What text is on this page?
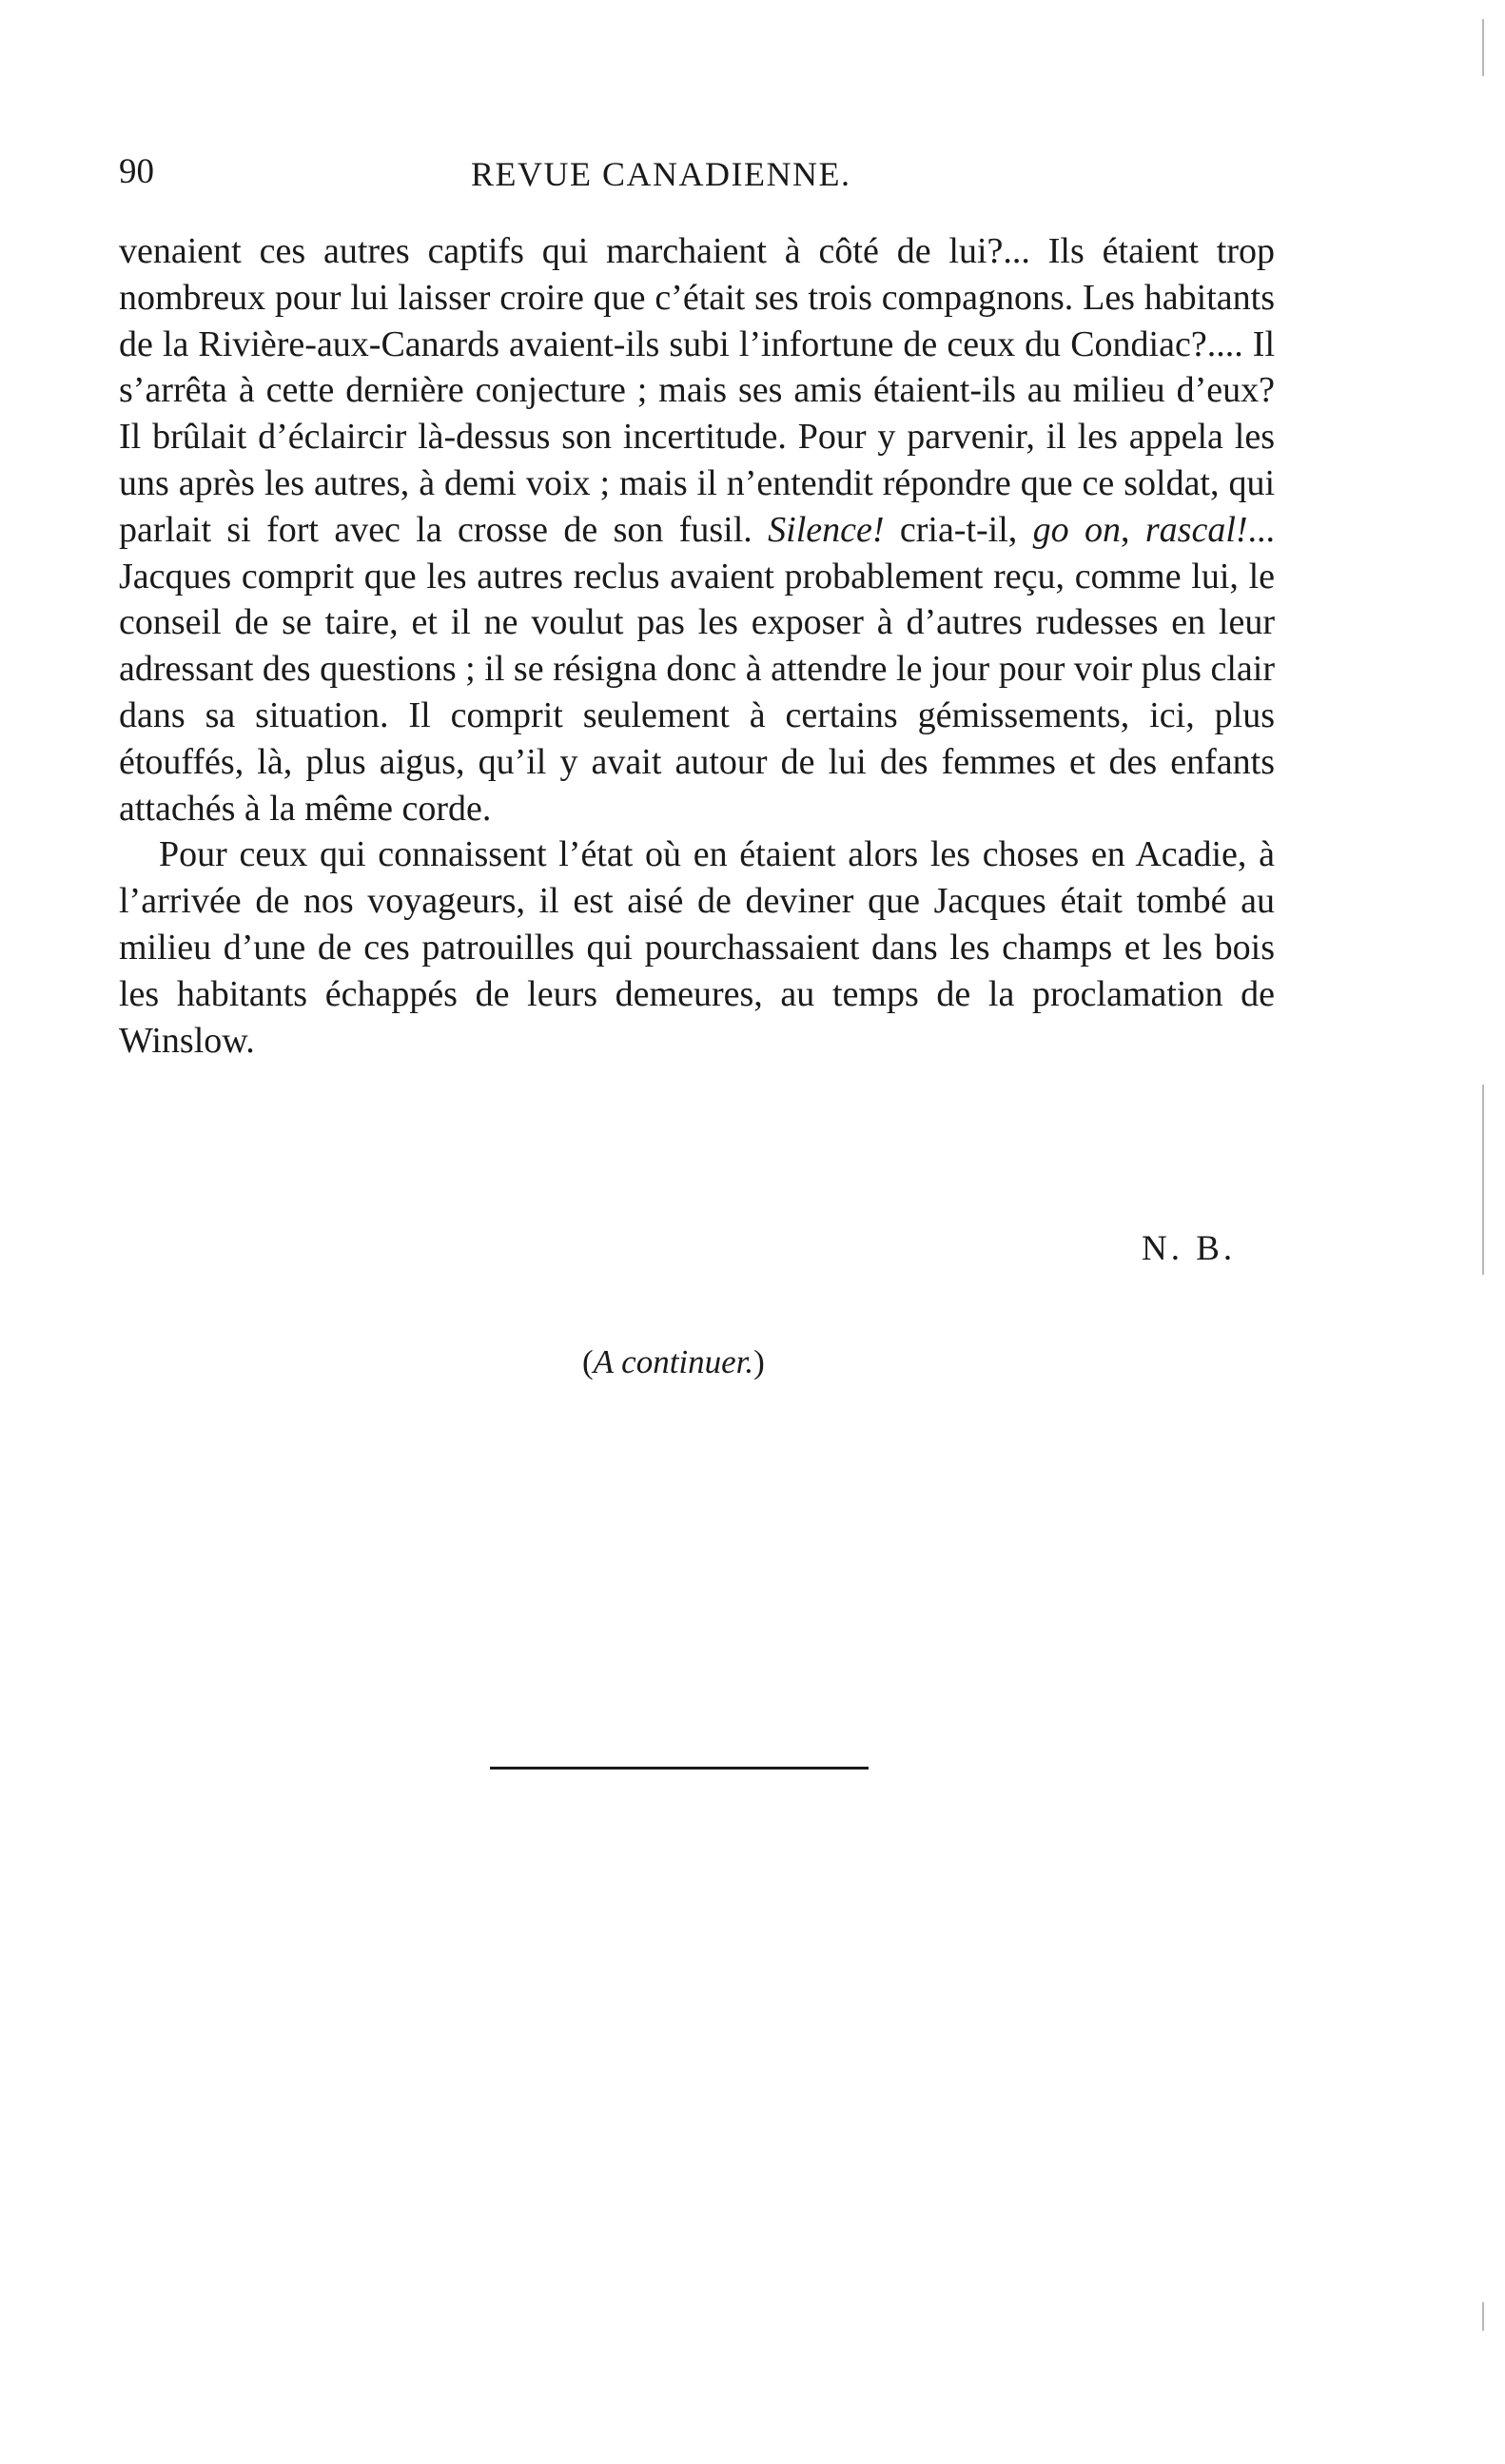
90	REVUE CANADIENNE.

venaient ces autres captifs qui marchaient à côté de lui?... Ils étaient trop nombreux pour lui laisser croire que c’était ses trois compagnons. Les habitants de la Rivière-aux-Canards avaient-ils subi l’infortune de ceux du Condiac?.... Il s’arrêta à cette dernière conjecture ; mais ses amis étaient-ils au milieu d’eux? Il brûlait d’éclaircir là-dessus son incertitude. Pour y parvenir, il les appela les uns après les autres, à demi voix ; mais il n’entendit répondre que ce soldat, qui parlait si fort avec la crosse de son fusil. Silence! cria-t-il, go on, rascal!... Jacques comprit que les autres reclus avaient probablement reçu, comme lui, le conseil de se taire, et il ne voulut pas les exposer à d’autres rudesses en leur adressant des questions ; il se résigna donc à attendre le jour pour voir plus clair dans sa situation. Il comprit seulement à certains gémissements, ici, plus étouffés, là, plus aigus, qu’il y avait autour de lui des femmes et des enfants attachés à la même corde.

Pour ceux qui connaissent l’état où en étaient alors les choses en Acadie, à l’arrivée de nos voyageurs, il est aisé de deviner que Jacques était tombé au milieu d’une de ces patrouilles qui pourchassaient dans les champs et les bois les habitants échappés de leurs demeures, au temps de la proclamation de Winslow.

N. B.
(A continuer.)
